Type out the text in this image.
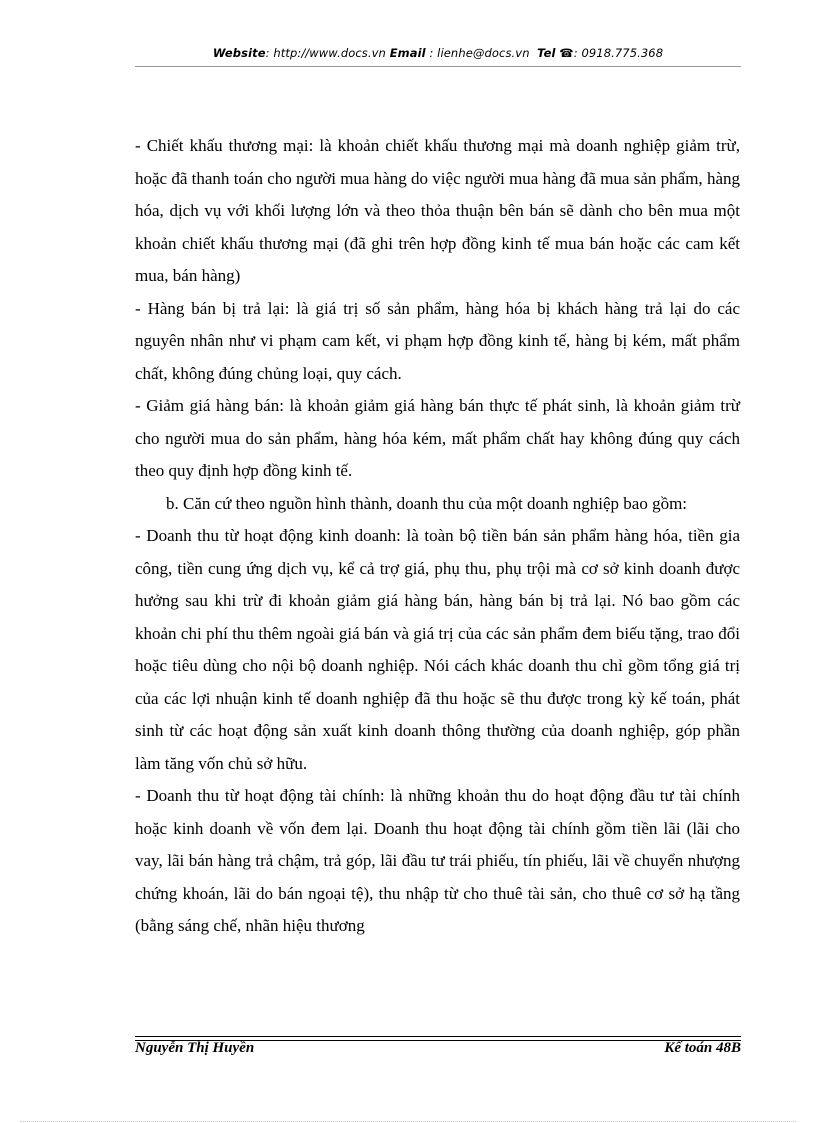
Website: http://www.docs.vn Email : lienhe@docs.vn Tel ☎: 0918.775.368

- Chiết khấu thương mại: là khoản chiết khấu thương mại mà doanh nghiệp giảm trừ, hoặc đã thanh toán cho người mua hàng do việc người mua hàng đã mua sản phẩm, hàng hóa, dịch vụ với khối lượng lớn và theo thỏa thuận bên bán sẽ dành cho bên mua một khoản chiết khấu thương mại (đã ghi trên hợp đồng kinh tế mua bán hoặc các cam kết mua, bán hàng)

- Hàng bán bị trả lại: là giá trị số sản phẩm, hàng hóa bị khách hàng trả lại do các nguyên nhân như vi phạm cam kết, vi phạm hợp đồng kinh tế, hàng bị kém, mất phẩm chất, không đúng chủng loại, quy cách.

- Giảm giá hàng bán: là khoản giảm giá hàng bán thực tế phát sinh, là khoản giảm trừ cho người mua do sản phẩm, hàng hóa kém, mất phẩm chất hay không đúng quy cách theo quy định hợp đồng kinh tế.

b. Căn cứ theo nguồn hình thành, doanh thu của một doanh nghiệp bao gồm:

- Doanh thu từ hoạt động kinh doanh: là toàn bộ tiền bán sản phẩm hàng hóa, tiền gia công, tiền cung ứng dịch vụ, kể cả trợ giá, phụ thu, phụ trội mà cơ sở kinh doanh được hưởng sau khi trừ đi khoản giảm giá hàng bán, hàng bán bị trả lại. Nó bao gồm các khoản chi phí thu thêm ngoài giá bán và giá trị của các sản phẩm đem biếu tặng, trao đổi hoặc tiêu dùng cho nội bộ doanh nghiệp. Nói cách khác doanh thu chỉ gồm tổng giá trị của các lợi nhuận kinh tế doanh nghiệp đã thu hoặc sẽ thu được trong kỳ kế toán, phát sinh từ các hoạt động sản xuất kinh doanh thông thường của doanh nghiệp, góp phần làm tăng vốn chủ sở hữu.

- Doanh thu từ hoạt động tài chính: là những khoản thu do hoạt động đầu tư tài chính hoặc kinh doanh về vốn đem lại. Doanh thu hoạt động tài chính gồm tiền lãi (lãi cho vay, lãi bán hàng trả chậm, trả góp, lãi đầu tư trái phiếu, tín phiếu, lãi về chuyển nhượng chứng khoán, lãi do bán ngoại tệ), thu nhập từ cho thuê tài sản, cho thuê cơ sở hạ tầng (bằng sáng chế, nhãn hiệu thương

Nguyễn Thị Huyền	Kế toán 48B
